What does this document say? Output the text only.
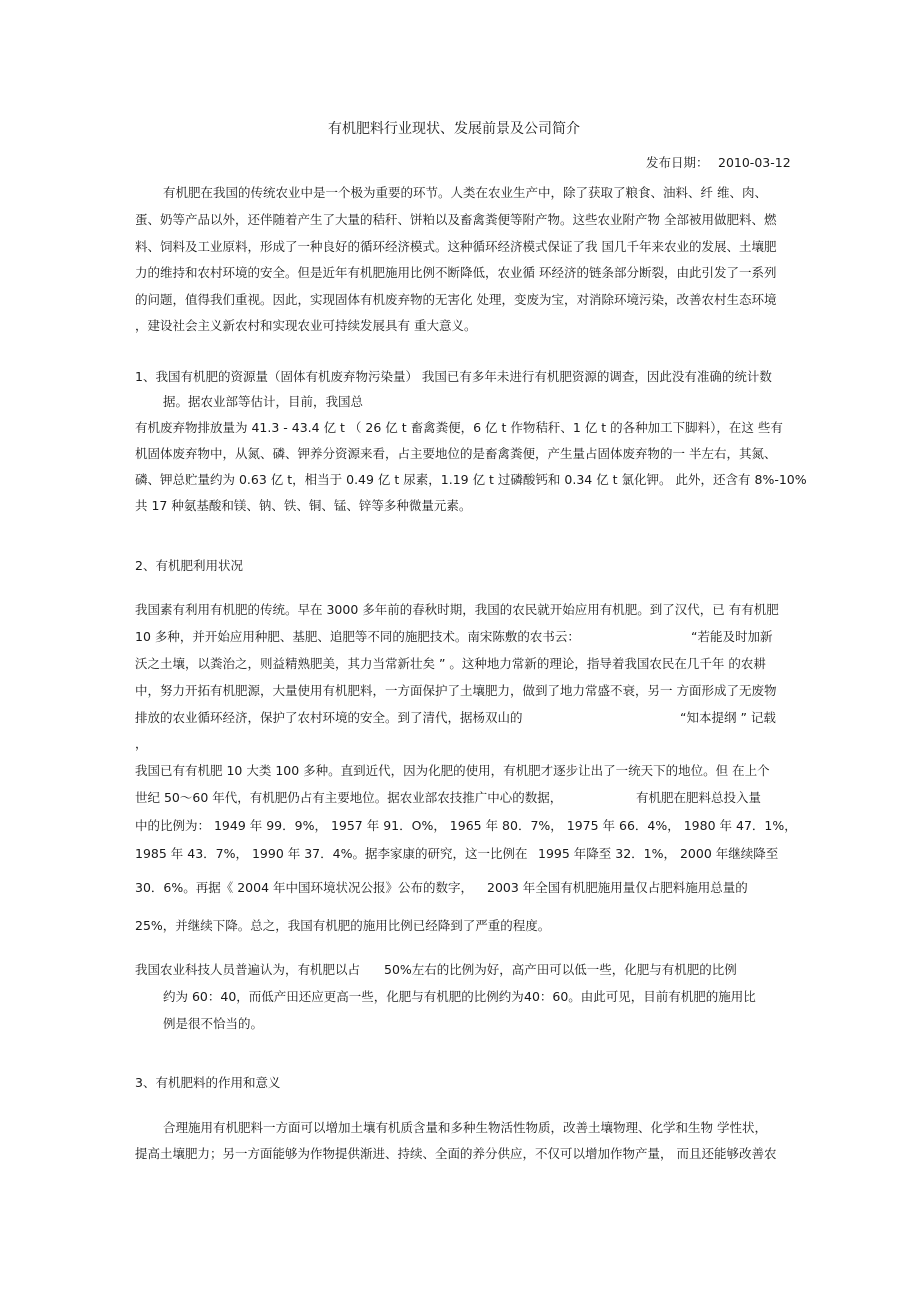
有机肥料行业现状、发展前景及公司简介
发布日期： 2010-03-12
有机肥在我国的传统农业中是一个极为重要的环节。人类在农业生产中，除了获取了粮食、油料、纤 维、肉、
蛋、奶等产品以外，还伴随着产生了大量的秸秆、饼粕以及畜禽粪便等附产物。这些农业附产物 全部被用做肥料、燃
料、饲料及工业原料，形成了一种良好的循环经济模式。这种循环经济模式保证了我 国几千年来农业的发展、土壤肥
力的维持和农村环境的安全。但是近年有机肥施用比例不断降低，农业循 环经济的链条部分断裂，由此引发了一系列
的问题，值得我们重视。因此，实现固体有机废弃物的无害化 处理，变废为宝，对消除环境污染，改善农村生态环境
，建设社会主义新农村和实现农业可持续发展具有 重大意义。
1、我国有机肥的资源量（固体有机废弃物污染量） 我国已有多年未进行有机肥资源的调查，因此没有准确的统计数
据。据农业部等估计，目前，我国总
有机废弃物排放量为 41.3 - 43.4 亿 t （ 26 亿 t 畜禽粪便，6 亿 t 作物秸秆、1 亿 t 的各种加工下脚料），在这 些有
机固体废弃物中，从氮、磷、钾养分资源来看，占主要地位的是畜禽粪便，产生量占固体废弃物的一 半左右，其氮、
磷、钾总贮量约为 0.63 亿 t，相当于 0.49 亿 t 尿素，1.19 亿 t 过磷酸钙和 0.34 亿 t 氯化钾。 此外，还含有 8%-10%
共 17 种氨基酸和镁、钠、铁、铜、锰、锌等多种微量元素。
2、有机肥利用状况
我国素有利用有机肥的传统。早在 3000 多年前的春秋时期，我国的农民就开始应用有机肥。到了汉代，已 有有机肥
10 多种，并开始应用种肥、基肥、追肥等不同的施肥技术。南宋陈敷的农书云：	“若能及时加新
沃之土壤，以粪治之，则益精熟肥美，其力当常新壮矣 ” 。这种地力常新的理论，指导着我国农民在几千年 的农耕
中，努力开拓有机肥源，大量使用有机肥料，一方面保护了土壤肥力，做到了地力常盛不衰，另一 方面形成了无废物
排放的农业循环经济，保护了农村环境的安全。到了清代，据杨双山的	“知本提纲 ” 记载
，
我国已有有机肥 10 大类 100 多种。直到近代，因为化肥的使用，有机肥才逐步让出了一统天下的地位。但 在上个
世纪 50～60 年代，有机肥仍占有主要地位。据农业部农技推广中心的数据，	有机肥在肥料总投入量
中的比例为： 1949 年 99．9%， 1957 年 91．O%， 1965 年 80．7%， 1975 年 66．4%， 1980 年 47．1%，
1985 年 43．7%， 1990 年 37．4%。据李家康的研究，这一比例在 1995 年降至 32．1%， 2000 年继续降至
30．6%。再据《 2004 年中国环境状况公报》公布的数字， 2003 年全国有机肥施用量仅占肥料施用总量的
25%，并继续下降。总之，我国有机肥的施用比例已经降到了严重的程度。
我国农业科技人员普遍认为，有机肥以占 50%左右的比例为好，高产田可以低一些，化肥与有机肥的比例
约为 60：40，而低产田还应更高一些，化肥与有机肥的比例约为 40：60。由此可见，目前有机肥的施用比
例是很不恰当的。
3、有机肥料的作用和意义
合理施用有机肥料一方面可以增加土壤有机质含量和多种生物活性物质，改善土壤物理、化学和生物 学性状，
提高土壤肥力；另一方面能够为作物提供渐进、持续、全面的养分供应，不仅可以增加作物产量， 而且还能够改善农
